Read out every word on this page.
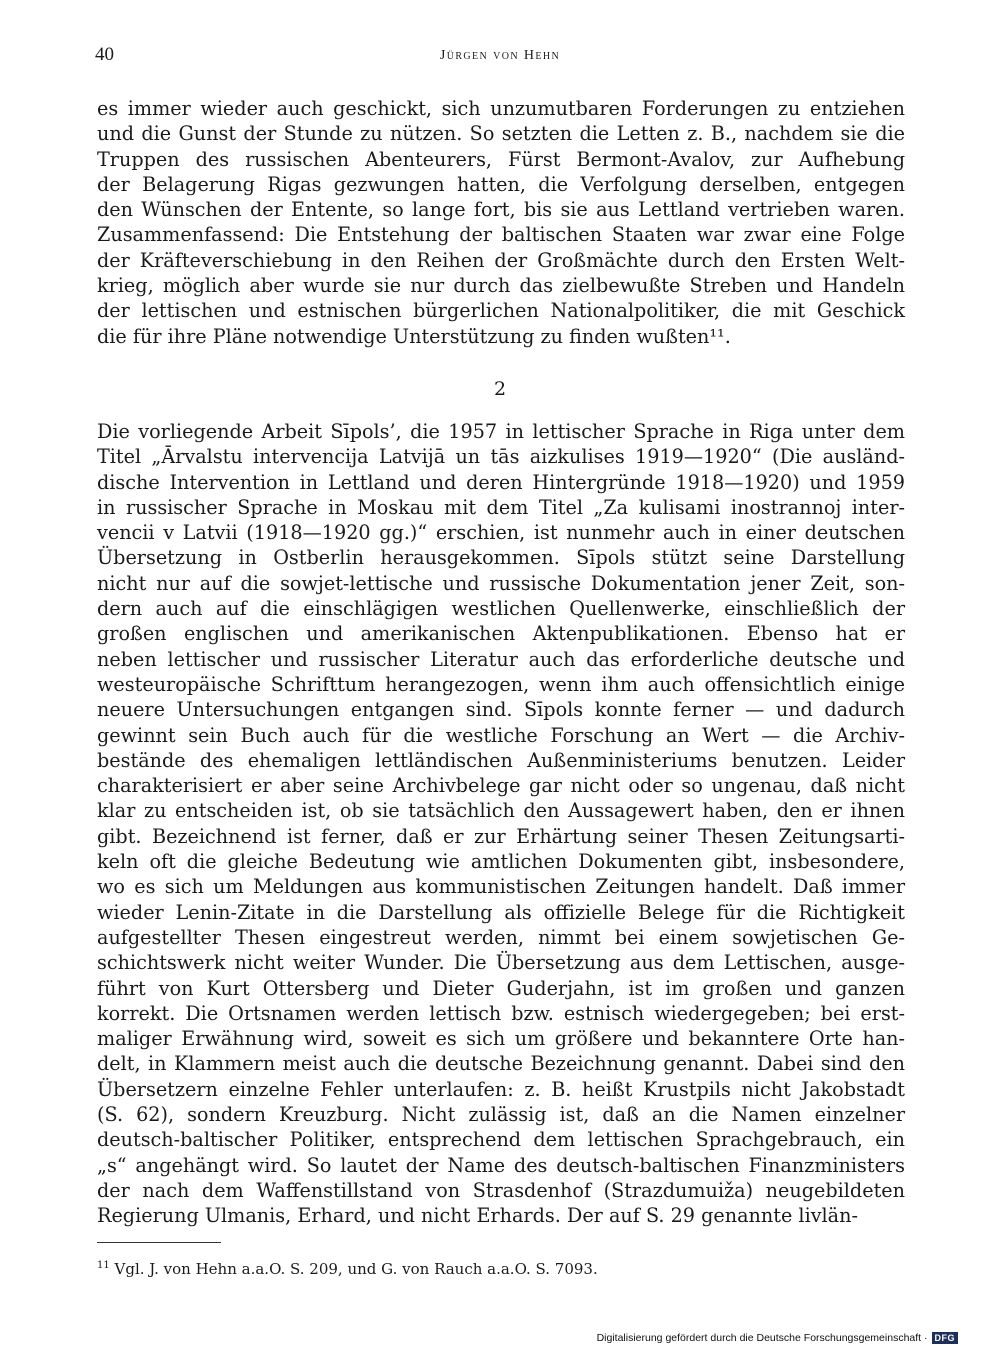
40	Jürgen von Hehn

es immer wieder auch geschickt, sich unzumutbaren Forderungen zu entziehen
und die Gunst der Stunde zu nützen. So setzten die Letten z. B., nachdem sie die
Truppen des russischen Abenteurers, Fürst Bermont-Avalov, zur Aufhebung
der Belagerung Rigas gezwungen hatten, die Verfolgung derselben, entgegen
den Wünschen der Entente, so lange fort, bis sie aus Lettland vertrieben waren.
Zusammenfassend: Die Entstehung der baltischen Staaten war zwar eine Folge
der Kräfteverschiebung in den Reihen der Großmächte durch den Ersten Welt-
krieg, möglich aber wurde sie nur durch das zielbewußte Streben und Handeln
der lettischen und estnischen bürgerlichen Nationalpolitiker, die mit Geschick
die für ihre Pläne notwendige Unterstützung zu finden wußten¹¹.

2

Die vorliegende Arbeit Sīpols’, die 1957 in lettischer Sprache in Riga unter dem
Titel „Ārvalstu intervencija Latvijā un tās aizkulises 1919—1920“ (Die ausländ-
dische Intervention in Lettland und deren Hintergründe 1918—1920) und 1959
in russischer Sprache in Moskau mit dem Titel „Za kulisami inostrannoj inter-
vencii v Latvii (1918—1920 gg.)“ erschien, ist nunmehr auch in einer deutschen
Übersetzung in Ostberlin herausgekommen. Sīpols stützt seine Darstellung
nicht nur auf die sowjet-lettische und russische Dokumentation jener Zeit, son-
dern auch auf die einschlägigen westlichen Quellenwerke, einschließlich der
großen englischen und amerikanischen Aktenpublikationen. Ebenso hat er
neben lettischer und russischer Literatur auch das erforderliche deutsche und
westeuropäische Schrifttum herangezogen, wenn ihm auch offensichtlich einige
neuere Untersuchungen entgangen sind. Sīpols konnte ferner — und dadurch
gewinnt sein Buch auch für die westliche Forschung an Wert — die Archiv-
bestände des ehemaligen lettländischen Außenministeriums benutzen. Leider
charakterisiert er aber seine Archivbelege gar nicht oder so ungenau, daß nicht
klar zu entscheiden ist, ob sie tatsächlich den Aussagewert haben, den er ihnen
gibt. Bezeichnend ist ferner, daß er zur Erhärtung seiner Thesen Zeitungsarti-
keln oft die gleiche Bedeutung wie amtlichen Dokumenten gibt, insbesondere,
wo es sich um Meldungen aus kommunistischen Zeitungen handelt. Daß immer
wieder Lenin-Zitate in die Darstellung als offizielle Belege für die Richtigkeit
aufgestellter Thesen eingestreut werden, nimmt bei einem sowjetischen Ge-
schichtswerk nicht weiter Wunder. Die Übersetzung aus dem Lettischen, ausge-
führt von Kurt Ottersberg und Dieter Guderjahn, ist im großen und ganzen
korrekt. Die Ortsnamen werden lettisch bzw. estnisch wiedergegeben; bei erst-
maliger Erwähnung wird, soweit es sich um größere und bekanntere Orte han-
delt, in Klammern meist auch die deutsche Bezeichnung genannt. Dabei sind den
Übersetzern einzelne Fehler unterlaufen: z. B. heißt Krustpils nicht Jakobstadt
(S. 62), sondern Kreuzburg. Nicht zulässig ist, daß an die Namen einzelner
deutsch-baltischer Politiker, entsprechend dem lettischen Sprachgebrauch, ein
„s“ angehängt wird. So lautet der Name des deutsch-baltischen Finanzministers
der nach dem Waffenstillstand von Strasdenhof (Strazdumuiža) neugebildeten
Regierung Ulmanis, Erhard, und nicht Erhards. Der auf S. 29 genannte livlän-

$^{11}$ Vgl. J. von Hehn a.a.O. S. 209, und G. von Rauch a.a.O. S. 7093.
Digitalisierung gefördert durch die Deutsche Forschungsgemeinschaft · DFG
